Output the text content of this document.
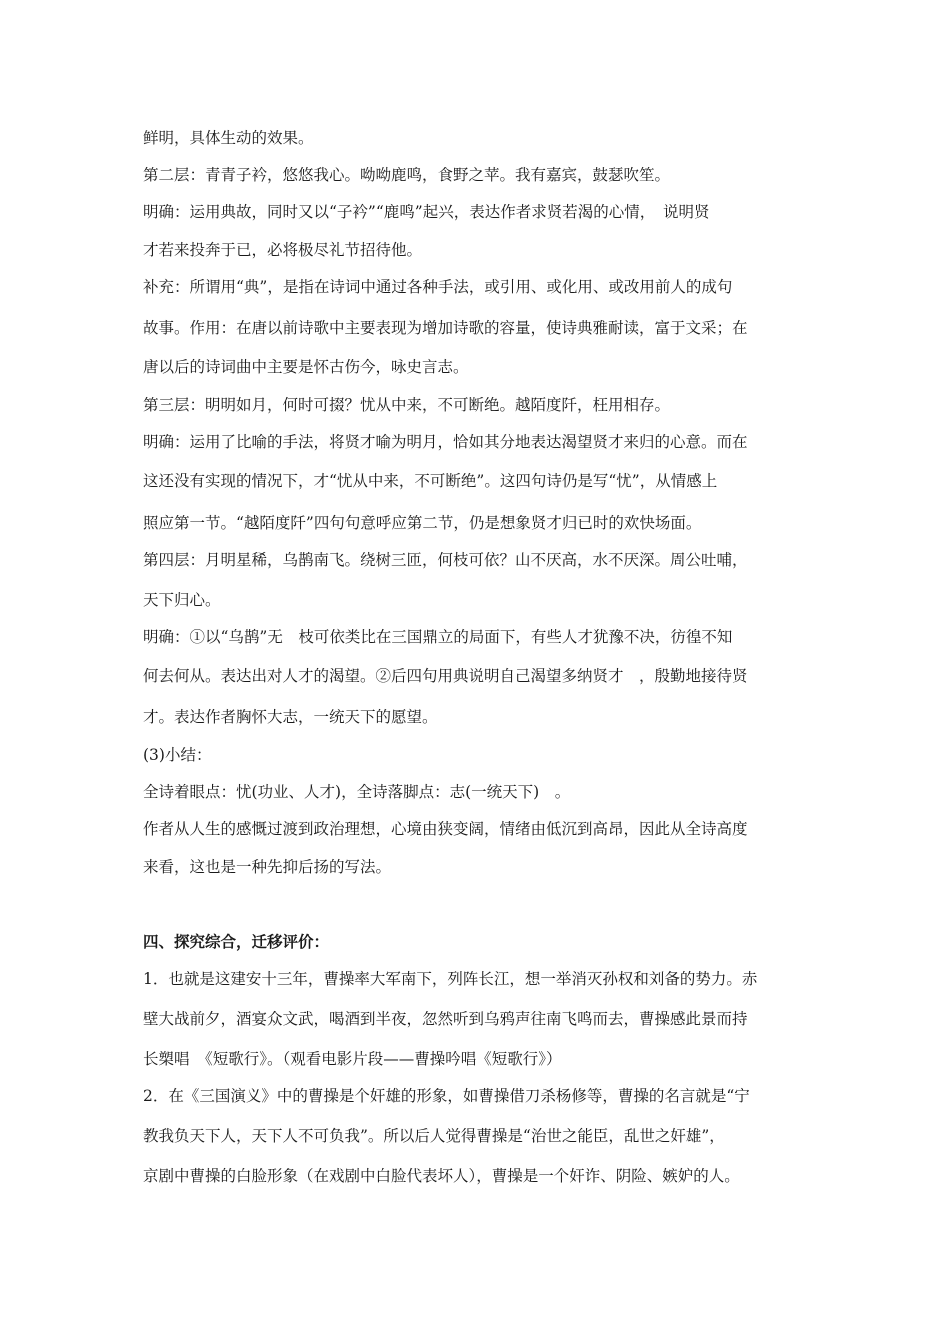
鲜明，具体生动的效果。
第二层：青青子衿，悠悠我心。呦呦鹿鸣，食野之苹。我有嘉宾，鼓瑟吹笙。
明确：运用典故，同时又以“子衿”“鹿鸣”起兴，表达作者求贤若渴的心情，　说明贤
才若来投奔于已，必将极尽礼节招待他。
补充：所谓用“典”，是指在诗词中通过各种手法，或引用、或化用、或改用前人的成句
故事。作用：在唐以前诗歌中主要表现为增加诗歌的容量，使诗典雅耐读，富于文采；在
唐以后的诗词曲中主要是怀古伤今，咏史言志。
第三层：明明如月，何时可掇？忧从中来，不可断绝。越陌度阡，枉用相存。
明确：运用了比喻的手法，将贤才喻为明月，恰如其分地表达渴望贤才来归的心意。而在
这还没有实现的情况下，才“忧从中来，不可断绝”。这四句诗仍是写“忧”，从情感上
照应第一节。“越陌度阡”四句句意呼应第二节，仍是想象贤才归已时的欢快场面。
第四层：月明星稀，乌鹊南飞。绕树三匝，何枝可依？山不厌高，水不厌深。周公吐哺，
天下归心。
明确：①以“乌鹊”无　枝可依类比在三国鼎立的局面下，有些人才犹豫不决，彷徨不知
何去何从。表达出对人才的渴望。②后四句用典说明自己渴望多纳贤才　，殷勤地接待贤
才。表达作者胸怀大志，一统天下的愿望。
(3)小结：
全诗着眼点：忧(功业、人才)，全诗落脚点：志(一统天下)　。
作者从人生的感慨过渡到政治理想，心境由狭变阔，情绪由低沉到高昂，因此从全诗高度
来看，这也是一种先抑后扬的写法。
四、探究综合，迁移评价：
1．也就是这建安十三年，曹操率大军南下，列阵长江，想一举消灭孙权和刘备的势力。赤
壁大战前夕，酒宴众文武，喝酒到半夜，忽然听到乌鸦声往南飞鸣而去，曹操感此景而持
长槊唱　《短歌行》。（观看电影片段——曹操吟唱《短歌行》）
2．在《三国演义》中的曹操是个奸雄的形象，如曹操借刀杀杨修等，曹操的名言就是“宁
教我负天下人，天下人不可负我”。所以后人觉得曹操是“治世之能臣，乱世之奸雄”，
京剧中曹操的白脸形象（在戏剧中白脸代表坏人），曹操是一个奸诈、阴险、嫉妒的人。
